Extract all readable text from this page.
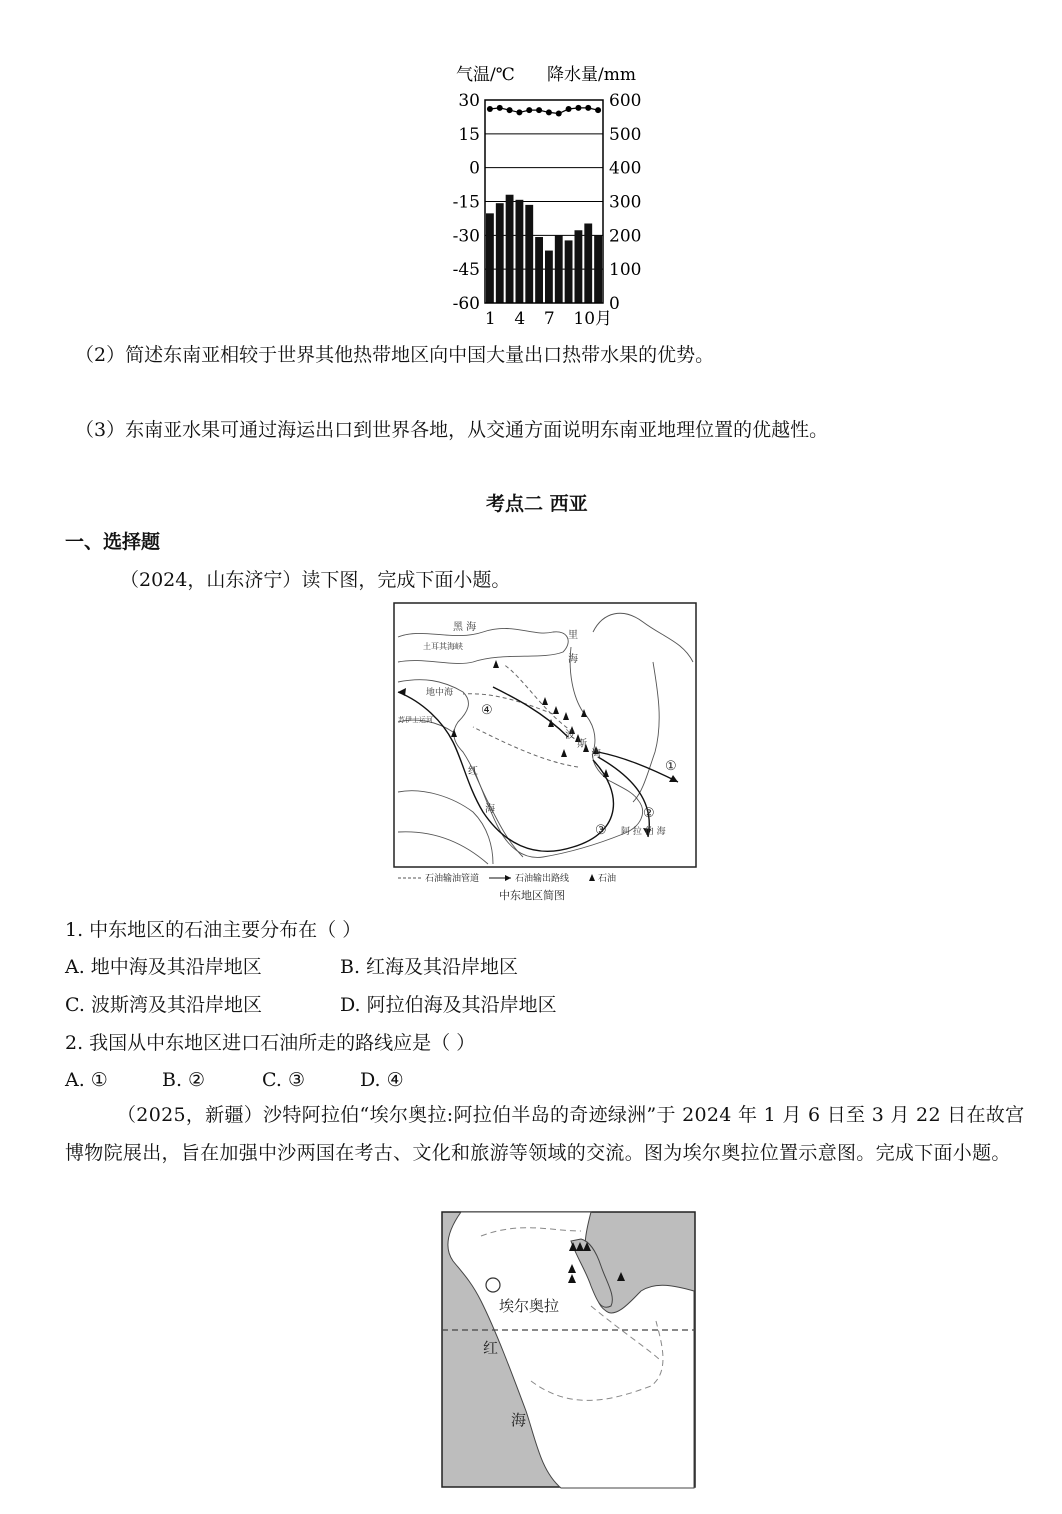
气温/℃ 降水量/mm
30
15
0
-15
-30
-45
-60
600
500
400
300
200
100
0
1 4 7 10月
（2）简述东南亚相较于世界其他热带地区向中国大量出口热带水果的优势。
（3）东南亚水果可通过海运出口到世界各地，从交通方面说明东南亚地理位置的优越性。
考点二 西亚
一、选择题
（2024，山东济宁）读下图，完成下面小题。
黑 海
土耳其海峡
里
海
地中海
苏伊士运河
波
斯
湾
红
海
阿 拉 伯 海
①
②
③
④
石油输油管道	石油输出路线	石油
中东地区简图
1. 中东地区的石油主要分布在（ ）
A. 地中海及其沿岸地区	B. 红海及其沿岸地区
C. 波斯湾及其沿岸地区	D. 阿拉伯海及其沿岸地区
2. 我国从中东地区进口石油所走的路线应是（ ）
A. ①	B. ②	C. ③	D. ④
（2025，新疆）沙特阿拉伯“埃尔奥拉:阿拉伯半岛的奇迹绿洲”于 2024 年 1 月 6 日至 3 月 22 日在故宫博物院展出，旨在加强中沙两国在考古、文化和旅游等领域的交流。图为埃尔奥拉位置示意图。完成下面小题。
埃尔奥拉
红
海
